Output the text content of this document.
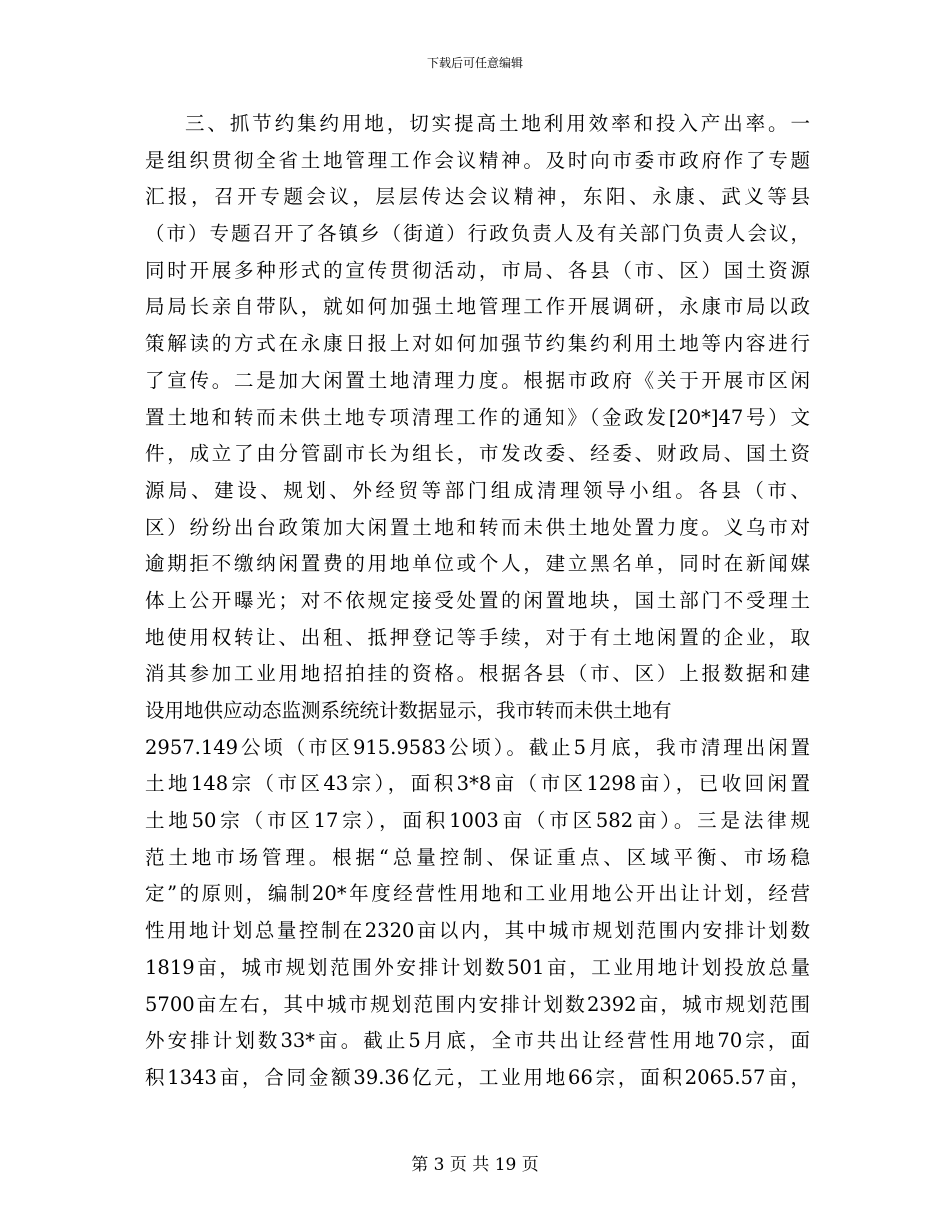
下载后可任意编辑
三、抓节约集约用地，切实提高土地利用效率和投入产出率。一
是组织贯彻全省土地管理工作会议精神。及时向市委市政府作了专题
汇报，召开专题会议，层层传达会议精神，东阳、永康、武义等县
（市）专题召开了各镇乡（街道）行政负责人及有关部门负责人会议，
同时开展多种形式的宣传贯彻活动，市局、各县（市、区）国土资源
局局长亲自带队，就如何加强土地管理工作开展调研，永康市局以政
策解读的方式在永康日报上对如何加强节约集约利用土地等内容进行
了宣传。二是加大闲置土地清理力度。根据市政府《关于开展市区闲
置土地和转而未供土地专项清理工作的通知》（金政发[20*]47号）文
件，成立了由分管副市长为组长，市发改委、经委、财政局、国土资
源局、建设、规划、外经贸等部门组成清理领导小组。各县（市、
区）纷纷出台政策加大闲置土地和转而未供土地处置力度。义乌市对
逾期拒不缴纳闲置费的用地单位或个人，建立黑名单，同时在新闻媒
体上公开曝光；对不依规定接受处置的闲置地块，国土部门不受理土
地使用权转让、出租、抵押登记等手续，对于有土地闲置的企业，取
消其参加工业用地招拍挂的资格。根据各县（市、区）上报数据和建
设用地供应动态监测系统统计数据显示，我市转而未供土地有
2957.149公顷（市区915.9583公顷）。截止5月底，我市清理出闲置
土地148宗（市区43宗），面积3*8亩（市区1298亩），已收回闲置
土地50宗（市区17宗），面积1003亩（市区582亩）。三是法律规
范土地市场管理。根据“总量控制、保证重点、区域平衡、市场稳
定”的原则，编制20*年度经营性用地和工业用地公开出让计划，经营
性用地计划总量控制在2320亩以内，其中城市规划范围内安排计划数
1819亩，城市规划范围外安排计划数501亩，工业用地计划投放总量
5700亩左右，其中城市规划范围内安排计划数2392亩，城市规划范围
外安排计划数33*亩。截止5月底，全市共出让经营性用地70宗，面
积1343亩，合同金额39.36亿元，工业用地66宗，面积2065.57亩，
第 3 页 共 19 页
